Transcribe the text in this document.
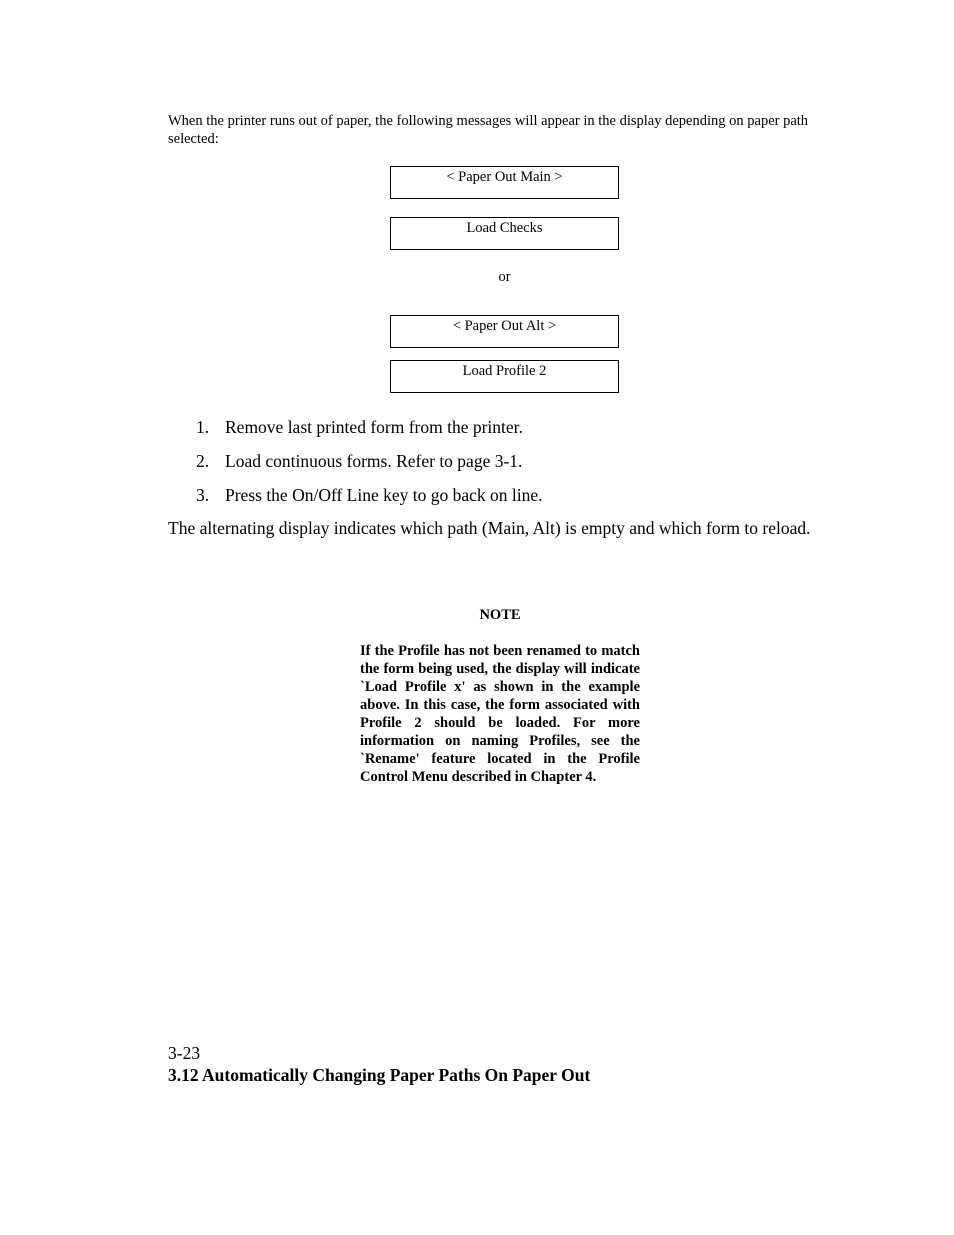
When the printer runs out of paper, the following messages will appear in the display depending on paper path selected:

< Paper Out Main >
Load Checks
or
< Paper Out Alt >
Load Profile 2
1. Remove last printed form from the printer.
2. Load continuous forms. Refer to page 3-1.
3. Press the On/Off Line key to go back on line.

The alternating display indicates which path (Main, Alt) is empty and which form to reload.

NOTE

If the Profile has not been renamed to match the form being used, the display will indicate `Load Profile x' as shown in the example above. In this case, the form associated with Profile 2 should be loaded. For more information on naming Profiles, see the `Rename' feature located in the Profile Control Menu described in Chapter 4.

3-23
3.12 Automatically Changing Paper Paths On Paper Out
